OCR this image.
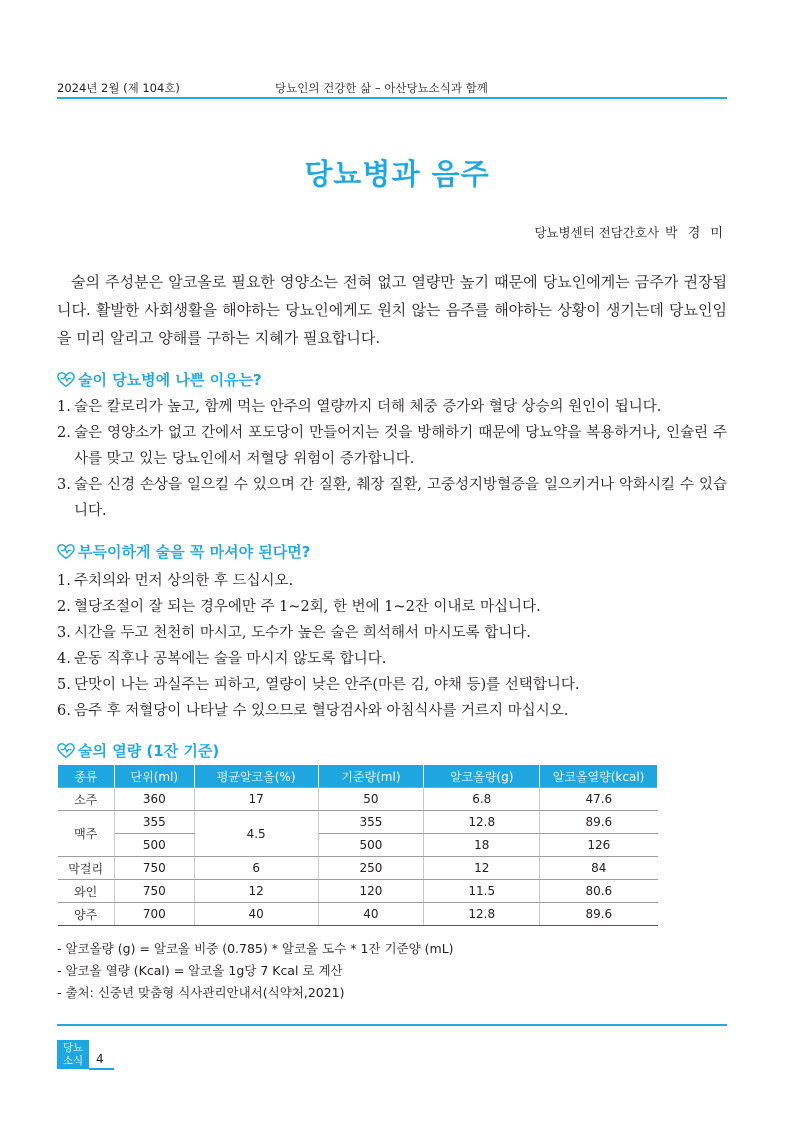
2024년 2월 (제 104호)	당뇨인의 건강한 삶 – 아산당뇨소식과 함께
당뇨병과 음주
당뇨병센터 전담간호사 박 경 미
술의 주성분은 알코올로 필요한 영양소는 전혀 없고 열량만 높기 때문에 당뇨인에게는 금주가 권장됩니다. 활발한 사회생활을 해야하는 당뇨인에게도 원치 않는 음주를 해야하는 상황이 생기는데 당뇨인임을 미리 알리고 양해를 구하는 지혜가 필요합니다.
술이 당뇨병에 나쁜 이유는?
1. 술은 칼로리가 높고, 함께 먹는 안주의 열량까지 더해 체중 증가와 혈당 상승의 원인이 됩니다.
2. 술은 영양소가 없고 간에서 포도당이 만들어지는 것을 방해하기 때문에 당뇨약을 복용하거나, 인슐린 주사를 맞고 있는 당뇨인에서 저혈당 위험이 증가합니다.
3. 술은 신경 손상을 일으킬 수 있으며 간 질환, 췌장 질환, 고중성지방혈증을 일으키거나 악화시킬 수 있습니다.
부득이하게 술을 꼭 마셔야 된다면?
1. 주치의와 먼저 상의한 후 드십시오.
2. 혈당조절이 잘 되는 경우에만 주 1~2회, 한 번에 1~2잔 이내로 마십니다.
3. 시간을 두고 천천히 마시고, 도수가 높은 술은 희석해서 마시도록 합니다.
4. 운동 직후나 공복에는 술을 마시지 않도록 합니다.
5. 단맛이 나는 과실주는 피하고, 열량이 낮은 안주(마른 김, 야채 등)를 선택합니다.
6. 음주 후 저혈당이 나타날 수 있으므로 혈당검사와 아침식사를 거르지 마십시오.
술의 열량 (1잔 기준)
종류	단위(ml)	평균알코올(%)	기준량(ml)	알코올량(g)	알코올열량(kcal)
소주	360	17	50	6.8	47.6
맥주	355	4.5	355	12.8	89.6
	500		500	18	126
막걸리	750	6	250	12	84
와인	750	12	120	11.5	80.6
양주	700	40	40	12.8	89.6
- 알코올량 (g) = 알코올 비중 (0.785) * 알코올 도수 * 1잔 기준양 (mL)
- 알코올 열량 (Kcal) = 알코올 1g당 7 Kcal 로 계산
- 출처: 신중년 맞춤형 식사관리안내서(식약처,2021)
당뇨
소식	4
